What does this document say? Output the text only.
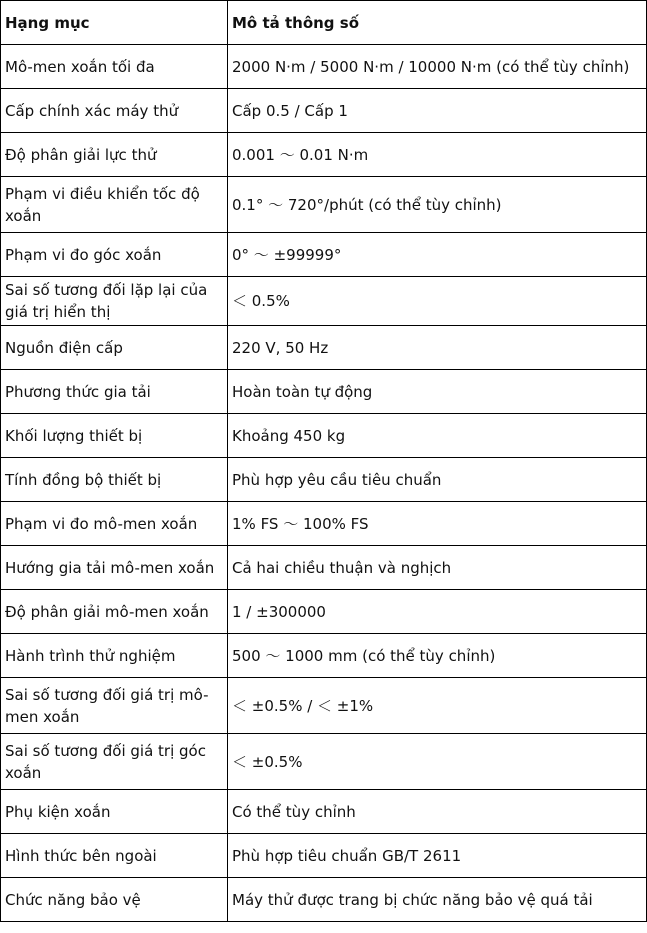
Hạng mục	Mô tả thông số
Mô-men xoắn tối đa	2000 N·m / 5000 N·m / 10000 N·m (có thể tùy chỉnh)
Cấp chính xác máy thử	Cấp 0.5 / Cấp 1
Độ phân giải lực thử	0.001 ～ 0.01 N·m
Phạm vi điều khiển tốc độ xoắn	0.1° ～ 720°/phút (có thể tùy chỉnh)
Phạm vi đo góc xoắn	0° ～ ±99999°
Sai số tương đối lặp lại của giá trị hiển thị	＜ 0.5%
Nguồn điện cấp	220 V, 50 Hz
Phương thức gia tải	Hoàn toàn tự động
Khối lượng thiết bị	Khoảng 450 kg
Tính đồng bộ thiết bị	Phù hợp yêu cầu tiêu chuẩn
Phạm vi đo mô-men xoắn	1% FS ～ 100% FS
Hướng gia tải mô-men xoắn	Cả hai chiều thuận và nghịch
Độ phân giải mô-men xoắn	1 / ±300000
Hành trình thử nghiệm	500 ～ 1000 mm (có thể tùy chỉnh)
Sai số tương đối giá trị mô-men xoắn	＜ ±0.5% / ＜ ±1%
Sai số tương đối giá trị góc xoắn	＜ ±0.5%
Phụ kiện xoắn	Có thể tùy chỉnh
Hình thức bên ngoài	Phù hợp tiêu chuẩn GB/T 2611
Chức năng bảo vệ	Máy thử được trang bị chức năng bảo vệ quá tải
